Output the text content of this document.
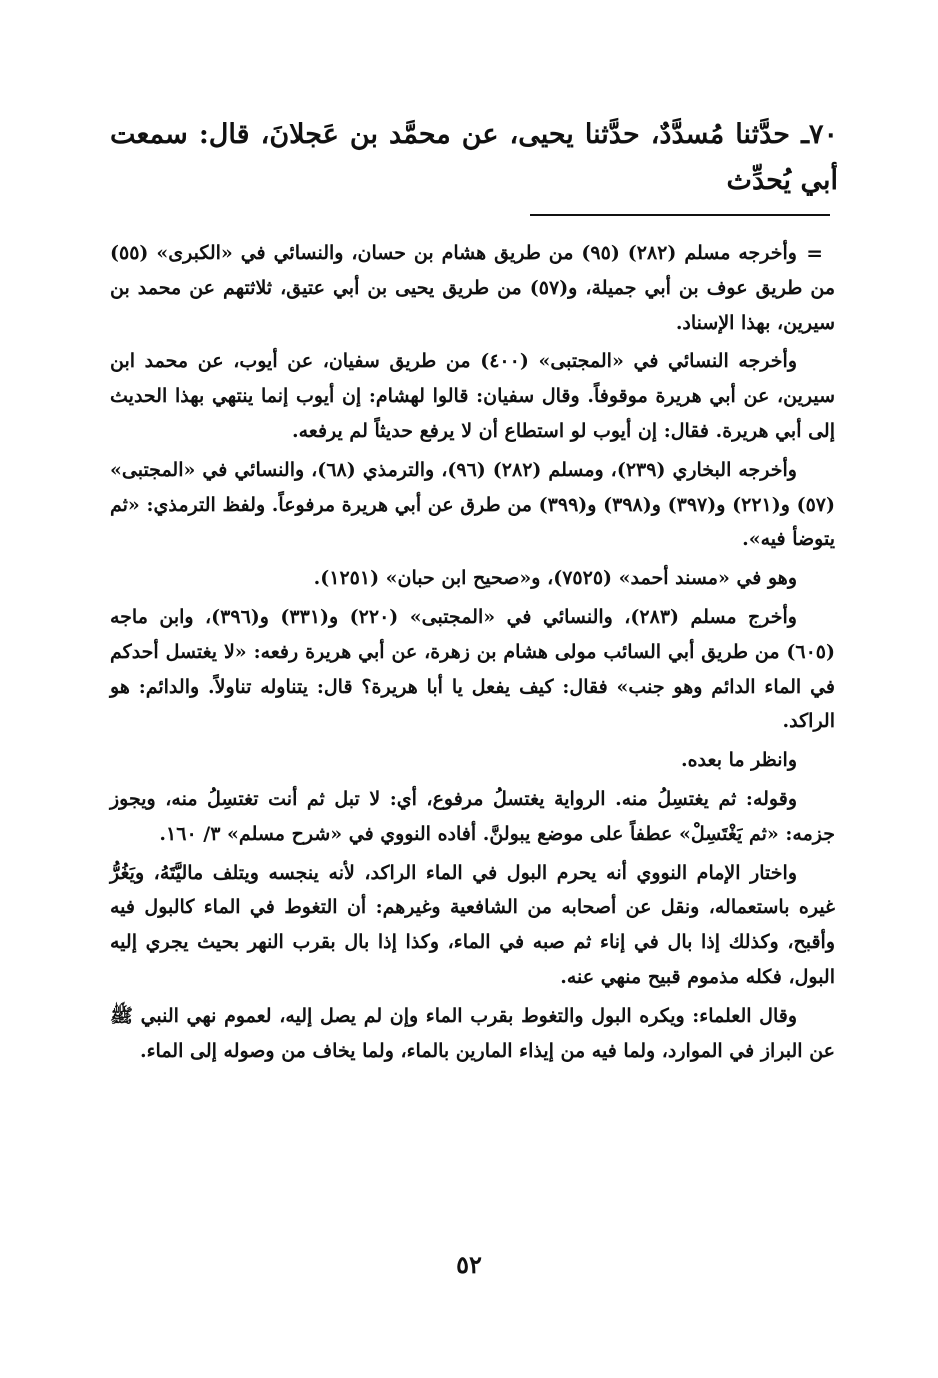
٧٠ـ حدَّثنا مُسدَّدٌ، حدَّثنا يحيى، عن محمَّد بن عَجلانَ، قال: سمعت أبي يُحدِّث

=
وأخرجه مسلم (٢٨٢) (٩٥) من طريق هشام بن حسان، والنسائي في «الكبرى» (٥٥) من طريق عوف بن أبي جميلة، و(٥٧) من طريق يحيى بن أبي عتيق، ثلاثتهم عن محمد بن سيرين، بهذا الإسناد.

وأخرجه النسائي في «المجتبى» (٤٠٠) من طريق سفيان، عن أيوب، عن محمد ابن سيرين، عن أبي هريرة موقوفاً. وقال سفيان: قالوا لهشام: إن أيوب إنما ينتهي بهذا الحديث إلى أبي هريرة. فقال: إن أيوب لو استطاع أن لا يرفع حديثاً لم يرفعه.

وأخرجه البخاري (٢٣٩)، ومسلم (٢٨٢) (٩٦)، والترمذي (٦٨)، والنسائي في «المجتبى» (٥٧) و(٢٢١) و(٣٩٧) و(٣٩٨) و(٣٩٩) من طرق عن أبي هريرة مرفوعاً. ولفظ الترمذي: «ثم يتوضأ فيه».

وهو في «مسند أحمد» (٧٥٢٥)، و«صحيح ابن حبان» (١٢٥١).

وأخرج مسلم (٢٨٣)، والنسائي في «المجتبى» (٢٢٠) و(٣٣١) و(٣٩٦)، وابن ماجه (٦٠٥) من طريق أبي السائب مولى هشام بن زهرة، عن أبي هريرة رفعه: «لا يغتسل أحدكم في الماء الدائم وهو جنب» فقال: كيف يفعل يا أبا هريرة؟ قال: يتناوله تناولاً. والدائم: هو الراكد.

وانظر ما بعده.

وقوله: ثم يغتسِلُ منه. الرواية يغتسلُ مرفوع، أي: لا تبل ثم أنت تغتسِلُ منه، ويجوز جزمه: «ثم يَغْتَسِلْ» عطفاً على موضع يبولنَّ. أفاده النووي في «شرح مسلم» ٣/ ١٦٠.

واختار الإمام النووي أنه يحرم البول في الماء الراكد، لأنه ينجسه ويتلف ماليَّتَهُ، ويَغُرُّ غيره باستعماله، ونقل عن أصحابه من الشافعية وغيرهم: أن التغوط في الماء كالبول فيه وأقبح، وكذلك إذا بال في إناء ثم صبه في الماء، وكذا إذا بال بقرب النهر بحيث يجري إليه البول، فكله مذموم قبيح منهي عنه.

وقال العلماء: ويكره البول والتغوط بقرب الماء وإن لم يصل إليه، لعموم نهي النبي ﷺ عن البراز في الموارد، ولما فيه من إيذاء المارين بالماء، ولما يخاف من وصوله إلى الماء.

٥٢
